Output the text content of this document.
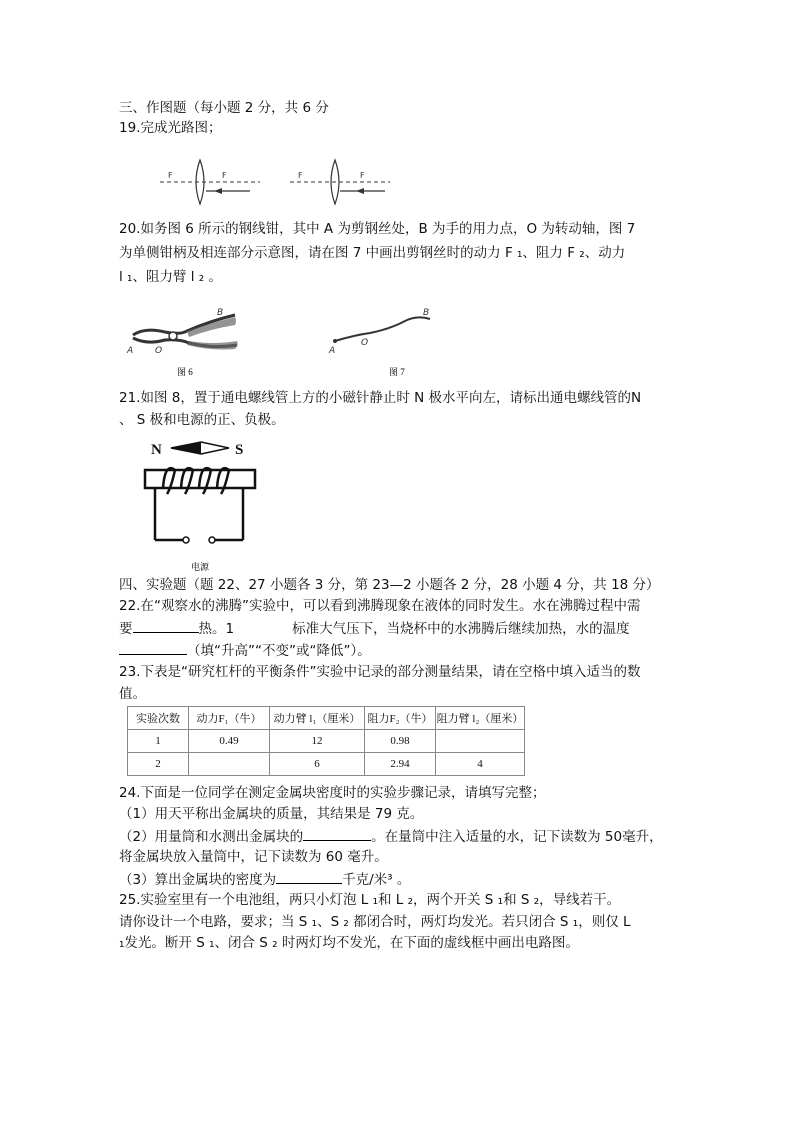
三、作图题（每小题 2 分，共 6 分
19.完成光路图；
F	F	F	F
20.如务图 6 所示的钢线钳，其中 A 为剪钢丝处，B 为手的用力点，O 为转动轴，图 7
为单侧钳柄及相连部分示意图，请在图 7 中画出剪钢丝时的动力 F ₁、阻力 F ₂、动力
l ₁、阻力臂 l ₂ 。
A O
B
图 6
A
O
B
图 7
21.如图 8，置于通电螺线管上方的小磁针静止时 N 极水平向左，请标出通电螺线管的N
、 S 极和电源的正、负极。
N	S
电源
四、实验题（题 22、27 小题各 3 分，第 23—2 小题各 2 分，28 小题 4 分，共 18 分）
22.在“观察水的沸腾”实验中，可以看到沸腾现象在液体的同时发生。水在沸腾过程中需
要	热。1	标准大气压下，当烧杯中的水沸腾后继续加热，水的温度
（填“升高”“不变”或“降低”）。
23.下表是“研究杠杆的平衡条件”实验中记录的部分测量结果，请在空格中填入适当的数
值。
实验次数	动力F₁（牛）	动力臂 l₁（厘米）	阻力F₂（牛）	阻力臂 l₂（厘米）
1	0.49	12	0.98	
2		6	2.94	4
24.下面是一位同学在测定金属块密度时的实验步骤记录，请填写完整；
（1）用天平称出金属块的质量，其结果是 79 克。
（2）用量筒和水测出金属块的	。在量筒中注入适量的水，记下读数为 50毫升，
将金属块放入量筒中，记下读数为 60 毫升。
（3）算出金属块的密度为	千克/米³ 。
25.实验室里有一个电池组，两只小灯泡 L ₁和 L ₂，两个开关 S ₁和 S ₂，导线若干。
请你设计一个电路，要求；当 S ₁、S ₂ 都闭合时，两灯均发光。若只闭合 S ₁，则仅 L
₁发光。断开 S ₁、闭合 S ₂ 时两灯均不发光，在下面的虚线框中画出电路图。
